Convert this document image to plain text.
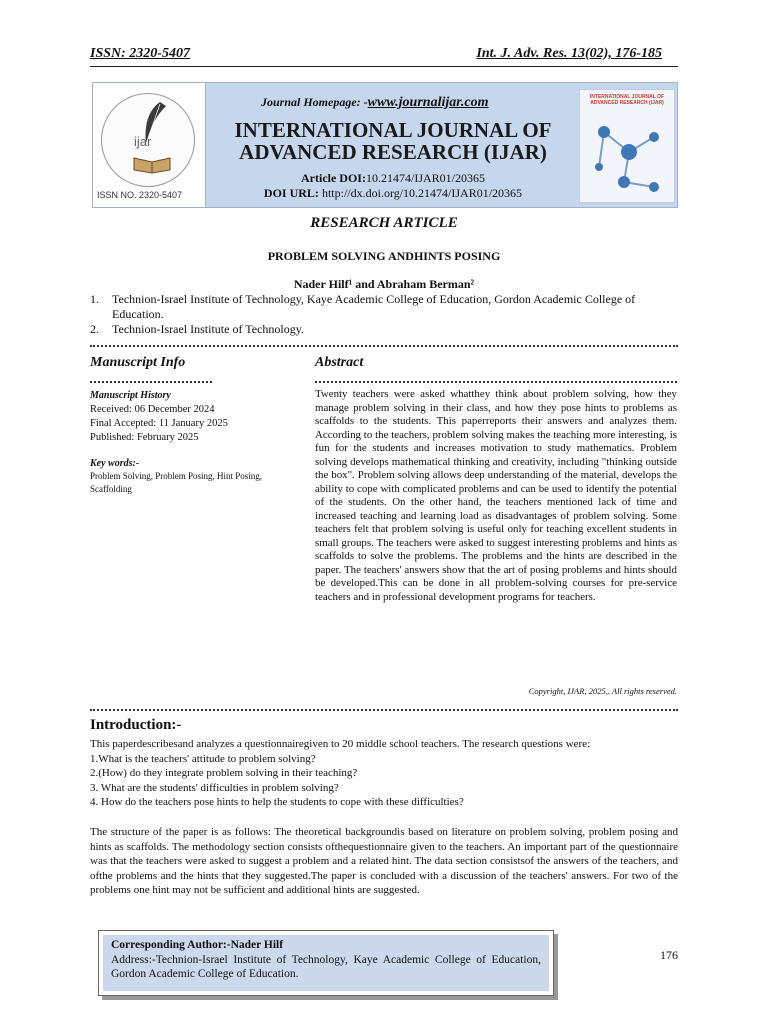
ISSN: 2320-5407	Int. J. Adv. Res. 13(02), 176-185
ijar
ISSN NO. 2320-5407
Journal Homepage: -www.journalijar.com
INTERNATIONAL JOURNAL OF ADVANCED RESEARCH (IJAR)
Article DOI:10.21474/IJAR01/20365
DOI URL: http://dx.doi.org/10.21474/IJAR01/20365
INTERNATIONAL JOURNAL OF ADVANCED RESEARCH (IJAR)
RESEARCH ARTICLE
PROBLEM SOLVING ANDHINTS POSING
Nader Hilf¹ and Abraham Berman²
1.	Technion-Israel Institute of Technology, Kaye Academic College of Education, Gordon Academic College of Education.
2.	Technion-Israel Institute of Technology.
Manuscript Info	Abstract
Manuscript History
Received: 06 December 2024
Final Accepted: 11 January 2025
Published: February 2025
Key words:-
Problem Solving, Problem Posing, Hint Posing, Scaffolding
Twenty teachers were asked whatthey think about problem solving, how they manage problem solving in their class, and how they pose hints to problems as scaffolds to the students. This paperreports their answers and analyzes them. According to the teachers, problem solving makes the teaching more interesting, is fun for the students and increases motivation to study mathematics. Problem solving develops mathematical thinking and creativity, including "thinking outside the box". Problem solving allows deep understanding of the material, develops the ability to cope with complicated problems and can be used to identify the potential of the students. On the other hand, the teachers mentioned lack of time and increased teaching and learning load as disadvantages of problem solving. Some teachers felt that problem solving is useful only for teaching excellent students in small groups. The teachers were asked to suggest interesting problems and hints as scaffolds to solve the problems. The problems and the hints are described in the paper. The teachers' answers show that the art of posing problems and hints should be developed.This can be done in all problem-solving courses for pre-service teachers and in professional development programs for teachers.
Copyright, IJAR, 2025,. All rights reserved.
Introduction:-
This paperdescribesand analyzes a questionnairegiven to 20 middle school teachers. The research questions were:
1.What is the teachers' attitude to problem solving?
2.(How) do they integrate problem solving in their teaching?
3. What are the students' difficulties in problem solving?
4. How do the teachers pose hints to help the students to cope with these difficulties?
The structure of the paper is as follows: The theoretical backgroundis based on literature on problem solving, problem posing and hints as scaffolds. The methodology section consists ofthequestionnaire given to the teachers. An important part of the questionnaire was that the teachers were asked to suggest a problem and a related hint. The data section consistsof the answers of the teachers, and ofthe problems and the hints that they suggested.The paper is concluded with a discussion of the teachers' answers. For two of the problems one hint may not be sufficient and additional hints are suggested.
Corresponding Author:-Nader Hilf
Address:-Technion-Israel Institute of Technology, Kaye Academic College of Education, Gordon Academic College of Education.
176
